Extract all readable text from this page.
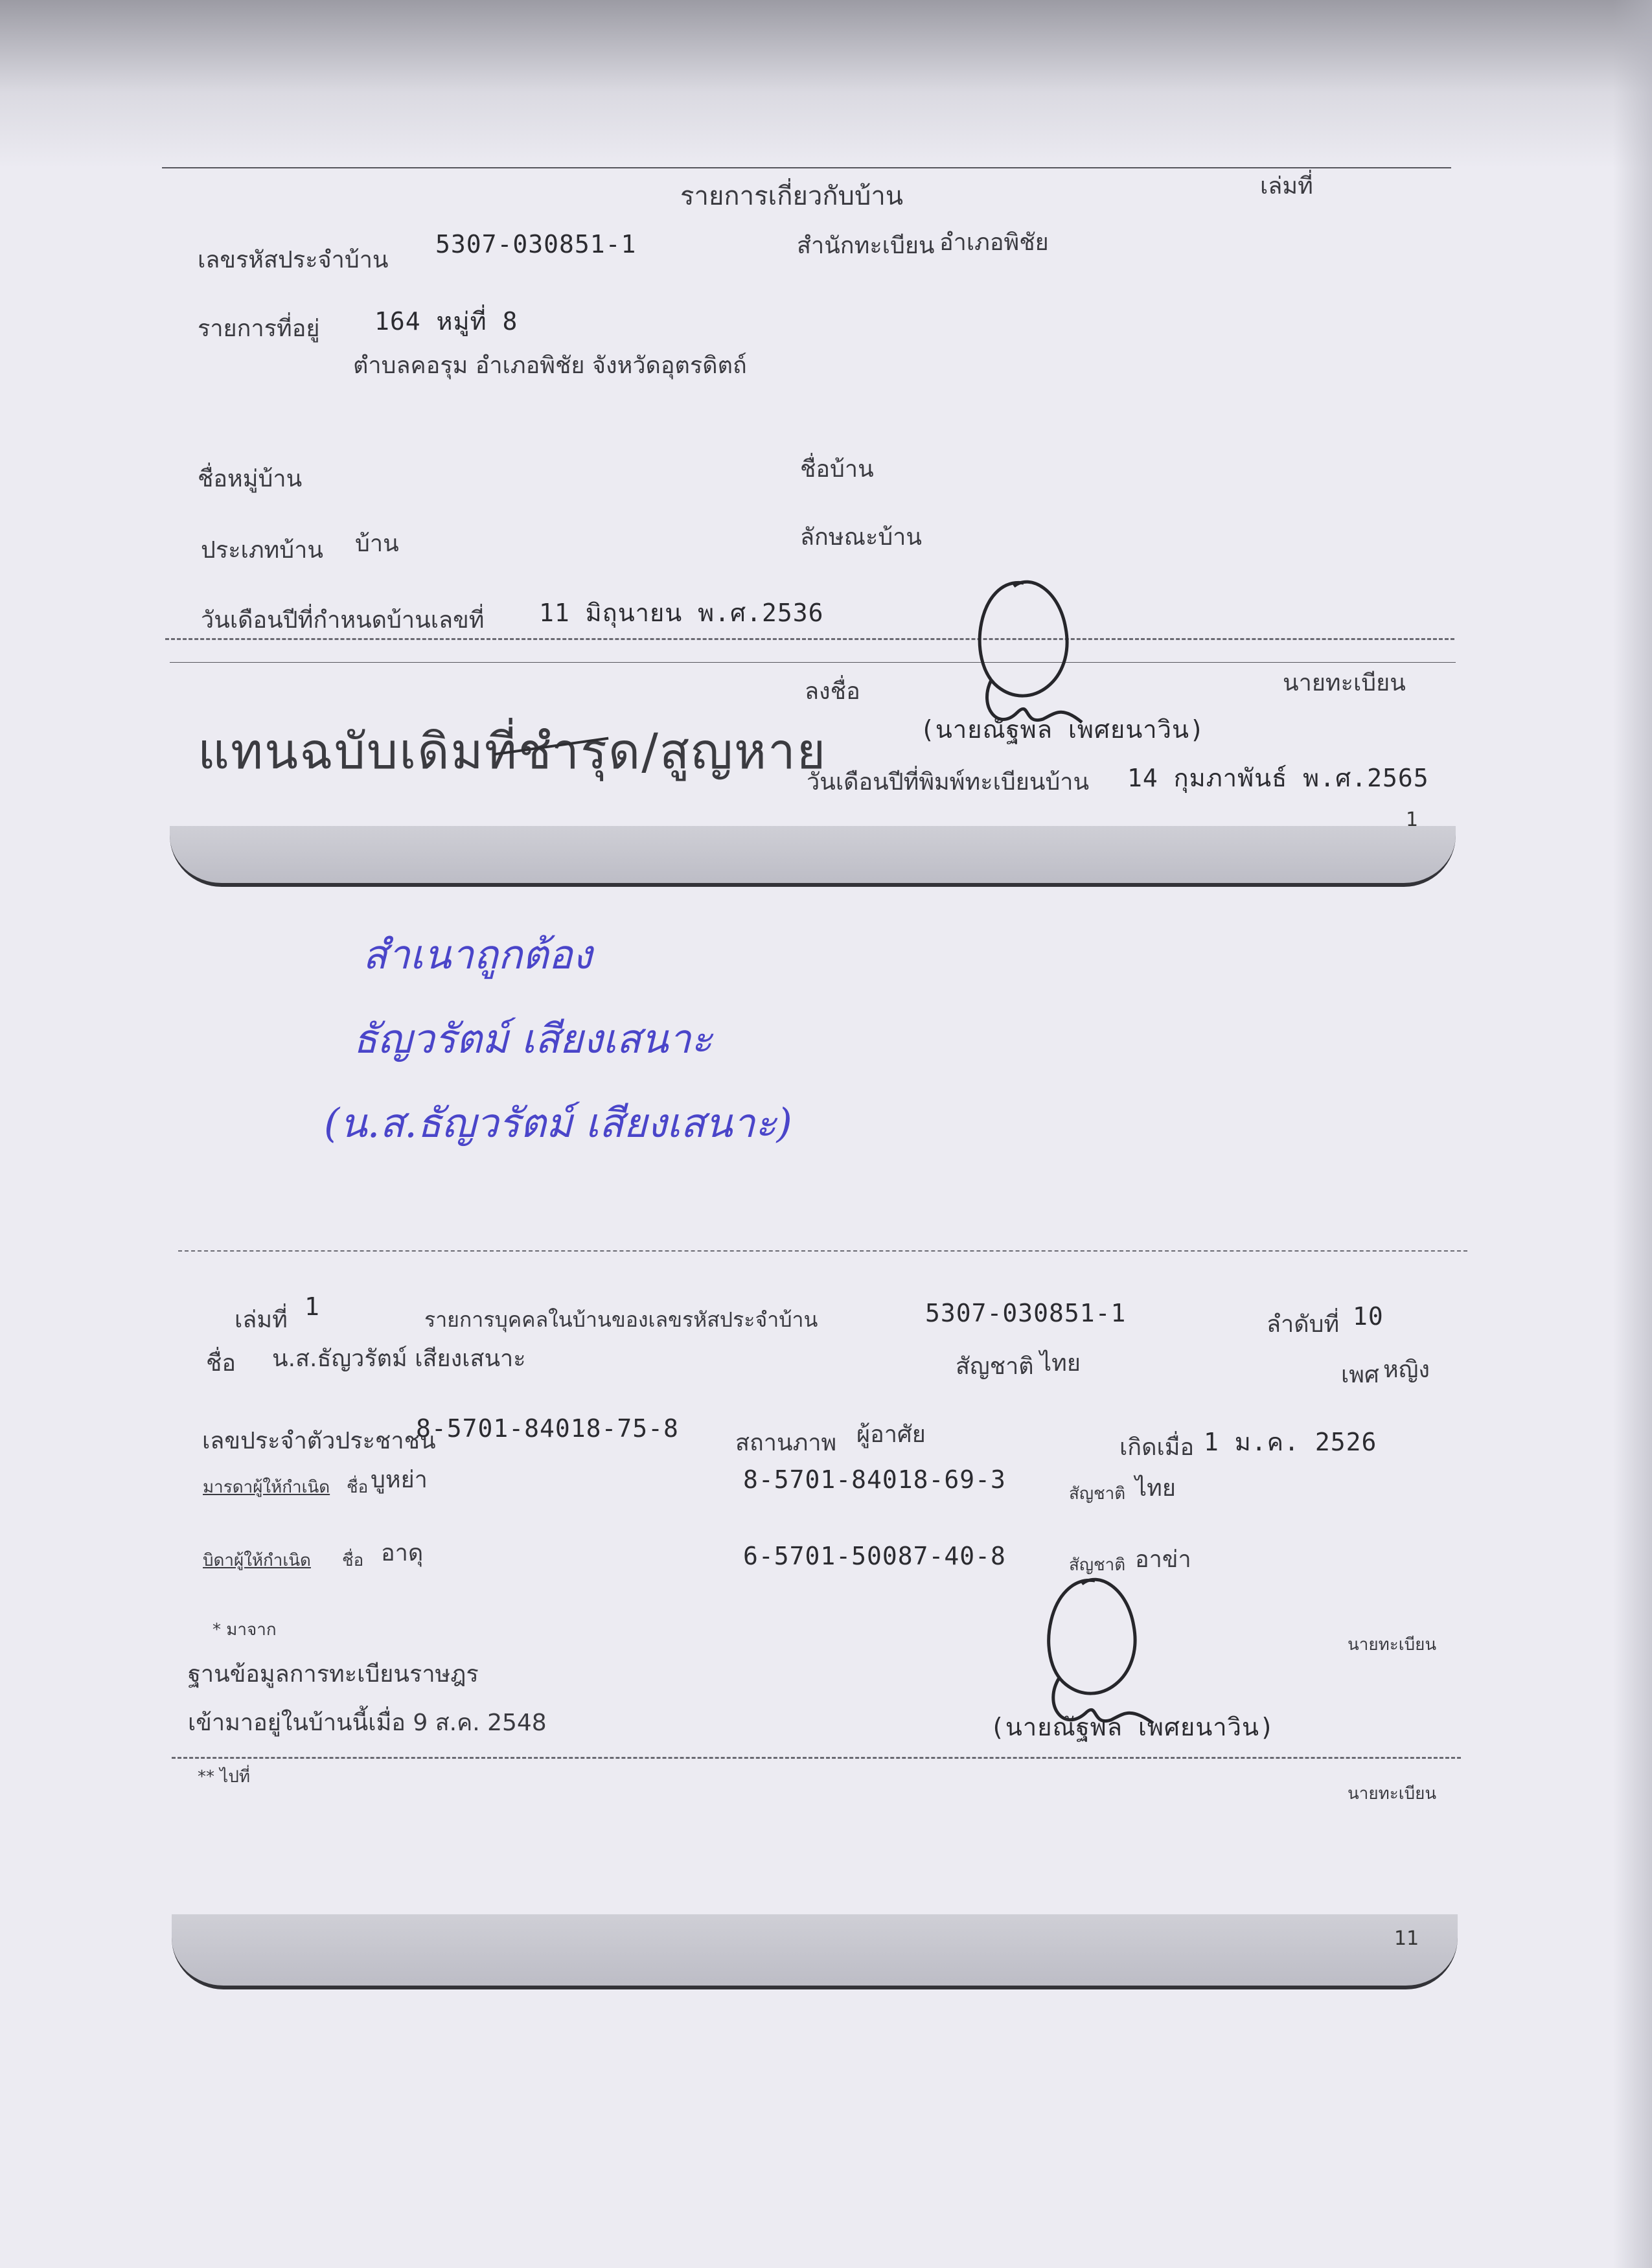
รายการเกี่ยวกับบ้าน	เล่มที่
เลขรหัสประจำบ้าน
5307-030851-1	สำนักทะเบียน อำเภอพิชัย
รายการที่อยู่ 164 หมู่ที่ 8
ตำบลคอรุม อำเภอพิชัย จังหวัดอุตรดิตถ์
ชื่อหมู่บ้าน	ชื่อบ้าน
ประเภทบ้าน บ้าน	ลักษณะบ้าน
วันเดือนปีที่กำหนดบ้านเลขที่ 11 มิถุนายน พ.ศ.2536
ลงชื่อ	นายทะเบียน
(นายณัฐพล เพศยนาวิน)
แทนฉบับเดิมที่ชำรุด/สูญหาย
วันเดือนปีที่พิมพ์ทะเบียนบ้าน 14 กุมภาพันธ์ พ.ศ.2565
1
สำเนาถูกต้อง
ธัญวรัตม์ เสียงเสนาะ
(น.ส.ธัญวรัตม์ เสียงเสนาะ)
เล่มที่ 1	รายการบุคคลในบ้านของเลขรหัสประจำบ้าน	5307-030851-1	ลำดับที่ 10
ชื่อ น.ส.ธัญวรัตม์ เสียงเสนาะ	สัญชาติ ไทย	เพศ หญิง
เลขประจำตัวประชาชน
8-5701-84018-75-8
สถานภาพ ผู้อาศัย	เกิดเมื่อ 1 ม.ค. 2526
มารดาผู้ให้กำเนิด ชื่อ บูหย่า	8-5701-84018-69-3	สัญชาติ ไทย
บิดาผู้ให้กำเนิด ชื่อ อาดุ	6-5701-50087-40-8	สัญชาติ อาข่า
* มาจาก
นายทะเบียน
ฐานข้อมูลการทะเบียนราษฎร
เข้ามาอยู่ในบ้านนี้เมื่อ 9 ส.ค. 2548	(นายณัฐพล เพศยนาวิน)
** ไปที่
นายทะเบียน
11
